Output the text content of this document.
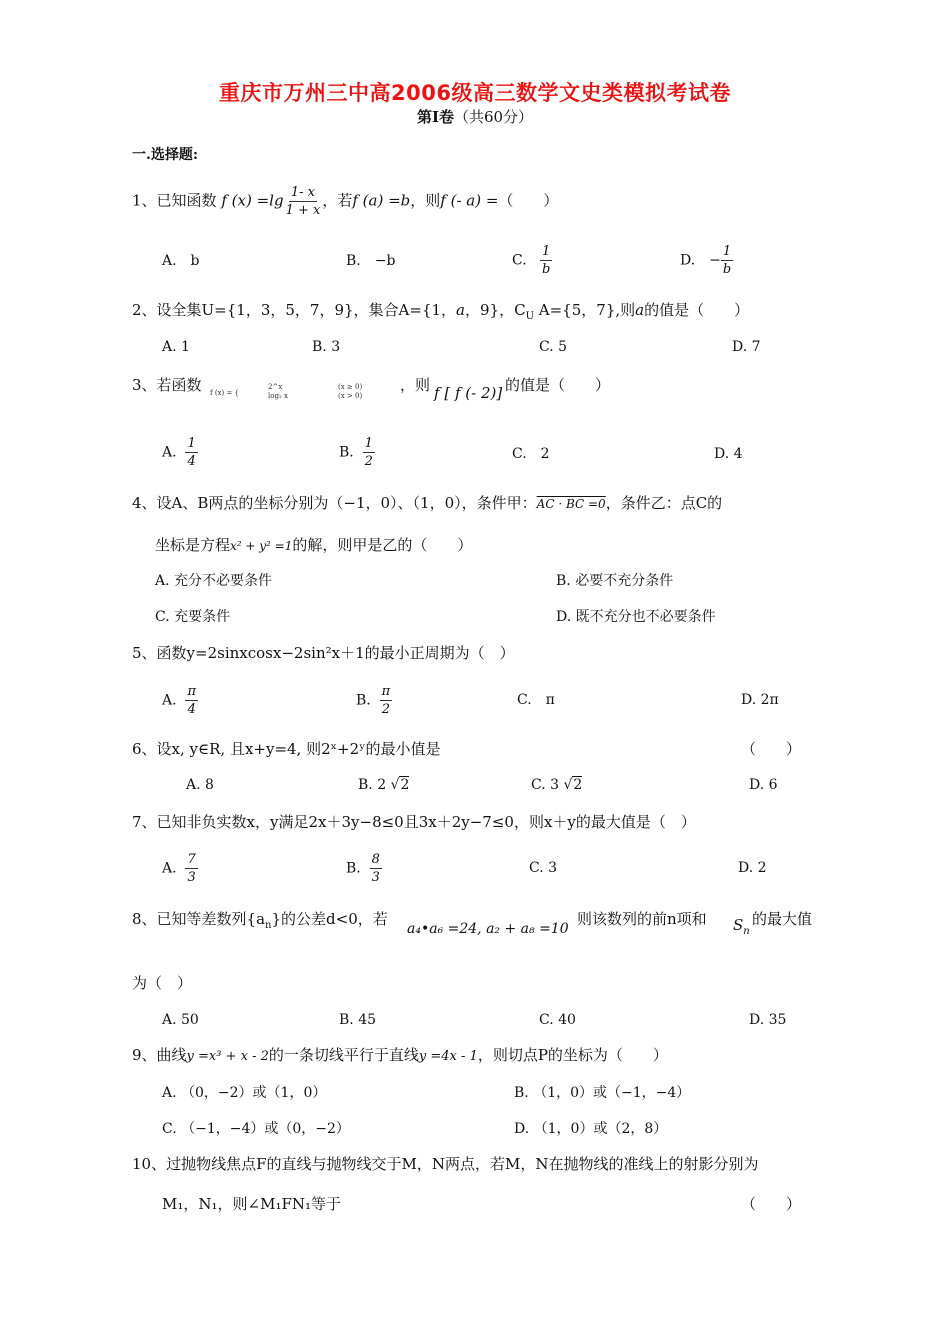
重庆市万州三中高2006级高三数学文史类模拟考试卷
第Ⅰ卷（共60分）
一.选择题:
1、已知函数 f $(x) =\lg \frac{1- x}{1 + x}$ ，若f (a) =b，则f (- a) =（　　）
A.　b	B.　−b	C. $\frac{1}{b}$	D.　− $\frac{1}{b}$
2、设全集U={1，3，5，7，9}，集合A={1，a，9}，$C_U$ A={5，7},则a的值是（　　）
A. 1	B. 3	C. 5	D. 7
3、若函数 f (x) = {
2^x
log₂ x
(x ≥ 0)
(x > 0)
，则 f [ f (- 2)] 的值是（　　）
A. $\frac{1}{4}$	B. $\frac{1}{2}$	C.　2	D. 4
4、设A、B两点的坐标分别为（−1，0）、（1，0），条件甲：AC · BC =0，条件乙：点C的
坐标是方程x² + y² =1的解，则甲是乙的（　　）
A. 充分不必要条件	B. 必要不充分条件
C. 充要条件	D. 既不充分也不必要条件
5、函数y=2sinxcosx−2sin²x＋1的最小正周期为（　）
A. $\frac{\pi}{4}$	B. $\frac{\pi}{2}$	C.　π	D. 2π
6、设x, y∈R, 且x+y=4, 则2ˣ+2ʸ的最小值是	（　　）
A. 8	B. 2 √2	C. 3 √2	D. 6
7、已知非负实数x，y满足2x＋3y−8≤0且3x＋2y−7≤0，则x＋y的最大值是（　）
A. $\frac{7}{3}$	B. $\frac{8}{3}$	C. 3	D. 2
8、已知等差数列$\{a_n\}$的公差d<0，若
a₄•a₆ =24, a₂ + a₈ =10
则该数列的前n项和 $S_n$
的最大值
为（　）
A. 50	B. 45	C. 40	D. 35
9、曲线y =x³ + x - 2的一条切线平行于直线y =4x - 1，则切点P的坐标为（　　）
A. （0，−2）或（1，0）	B. （1，0）或（−1，−4）
C. （−1，−4）或（0，−2）	D. （1，0）或（2，8）
10、过抛物线焦点F的直线与抛物线交于M，N两点，若M，N在抛物线的准线上的射影分别为
M₁，N₁，则∠M₁FN₁等于	（　　）
